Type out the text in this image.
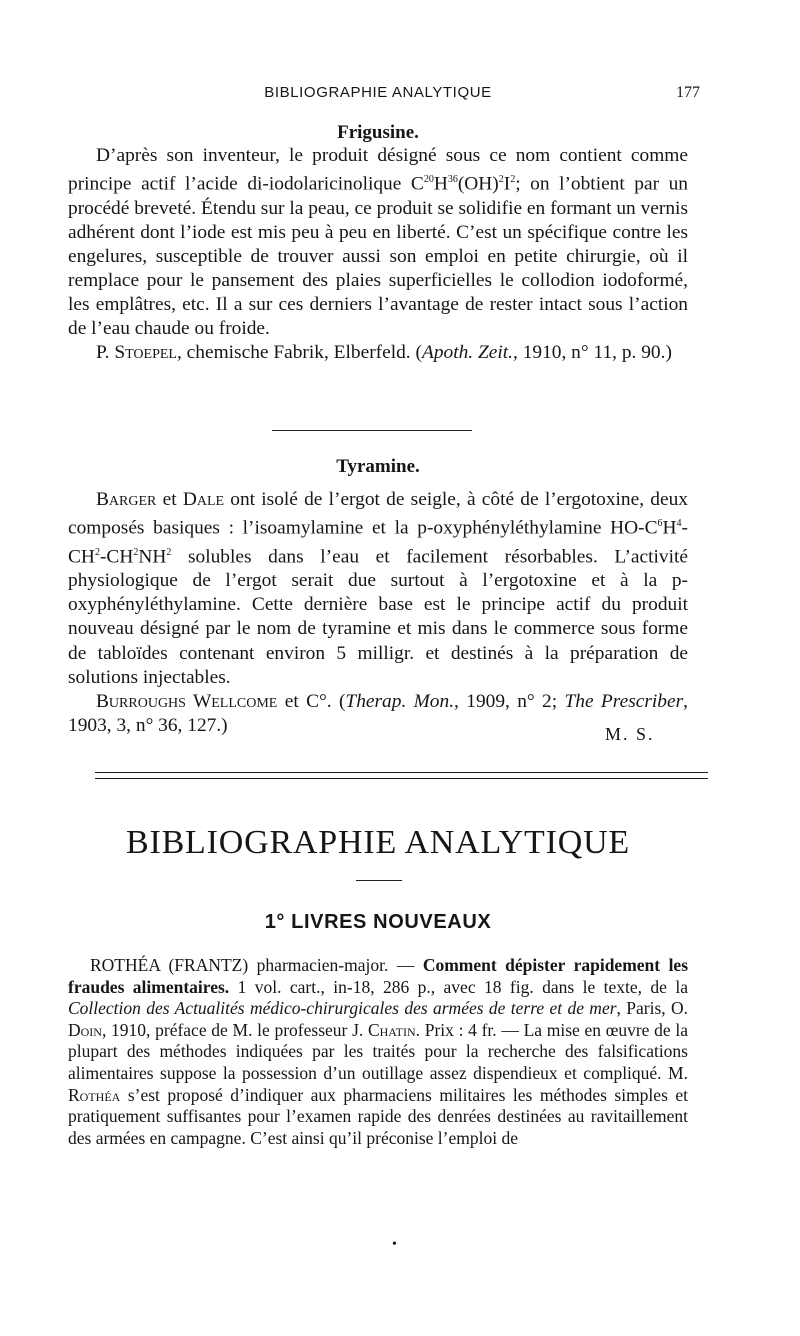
BIBLIOGRAPHIE ANALYTIQUE	177
Frigusine.

D’après son inventeur, le produit désigné sous ce nom contient comme principe actif l’acide di-iodolaricinolique $C^{20}H^{36}(OH)^2I^2$; on l’obtient par un procédé breveté. Étendu sur la peau, ce produit se solidifie en formant un vernis adhérent dont l’iode est mis peu à peu en liberté. C’est un spécifique contre les engelures, susceptible de trouver aussi son emploi en petite chirurgie, où il remplace pour le pansement des plaies superficielles le collodion iodoformé, les emplâtres, etc. Il a sur ces derniers l’avantage de rester intact sous l’action de l’eau chaude ou froide.

P. Stoepel, chemische Fabrik, Elberfeld. (Apoth. Zeit., 1910, n° 11, p. 90.)

Tyramine.

Barger et Dale ont isolé de l’ergot de seigle, à côté de l’ergotoxine, deux composés basiques : l’isoamylamine et la p-oxyphényléthylamine $HO-C^6H^4-CH^2-CH^2NH^2$ solubles dans l’eau et facilement résorbables. L’activité physiologique de l’ergot serait due surtout à l’ergotoxine et à la p-oxyphényléthylamine. Cette dernière base est le principe actif du produit nouveau désigné par le nom de tyramine et mis dans le commerce sous forme de tabloïdes contenant environ 5 milligr. et destinés à la préparation de solutions injectables.

Burroughs Wellcome et C°. (Therap. Mon., 1909, n° 2; The Prescriber, 1903, 3, n° 36, 127.)	M. S.
BIBLIOGRAPHIE ANALYTIQUE
1° LIVRES NOUVEAUX

ROTHÉA (FRANTZ) pharmacien-major. — Comment dépister rapidement les fraudes alimentaires. 1 vol. cart., in-18, 286 p., avec 18 fig. dans le texte, de la Collection des Actualités médico-chirurgicales des armées de terre et de mer, Paris, O. Doin, 1910, préface de M. le professeur J. Chatin. Prix : 4 fr. — La mise en œuvre de la plupart des méthodes indiquées par les traités pour la recherche des falsifications alimentaires suppose la possession d’un outillage assez dispendieux et compliqué. M. Rothéa s’est proposé d’indiquer aux pharmaciens militaires les méthodes simples et pratiquement suffisantes pour l’examen rapide des denrées destinées au ravitaillement des armées en campagne. C’est ainsi qu’il préconise l’emploi de

•
